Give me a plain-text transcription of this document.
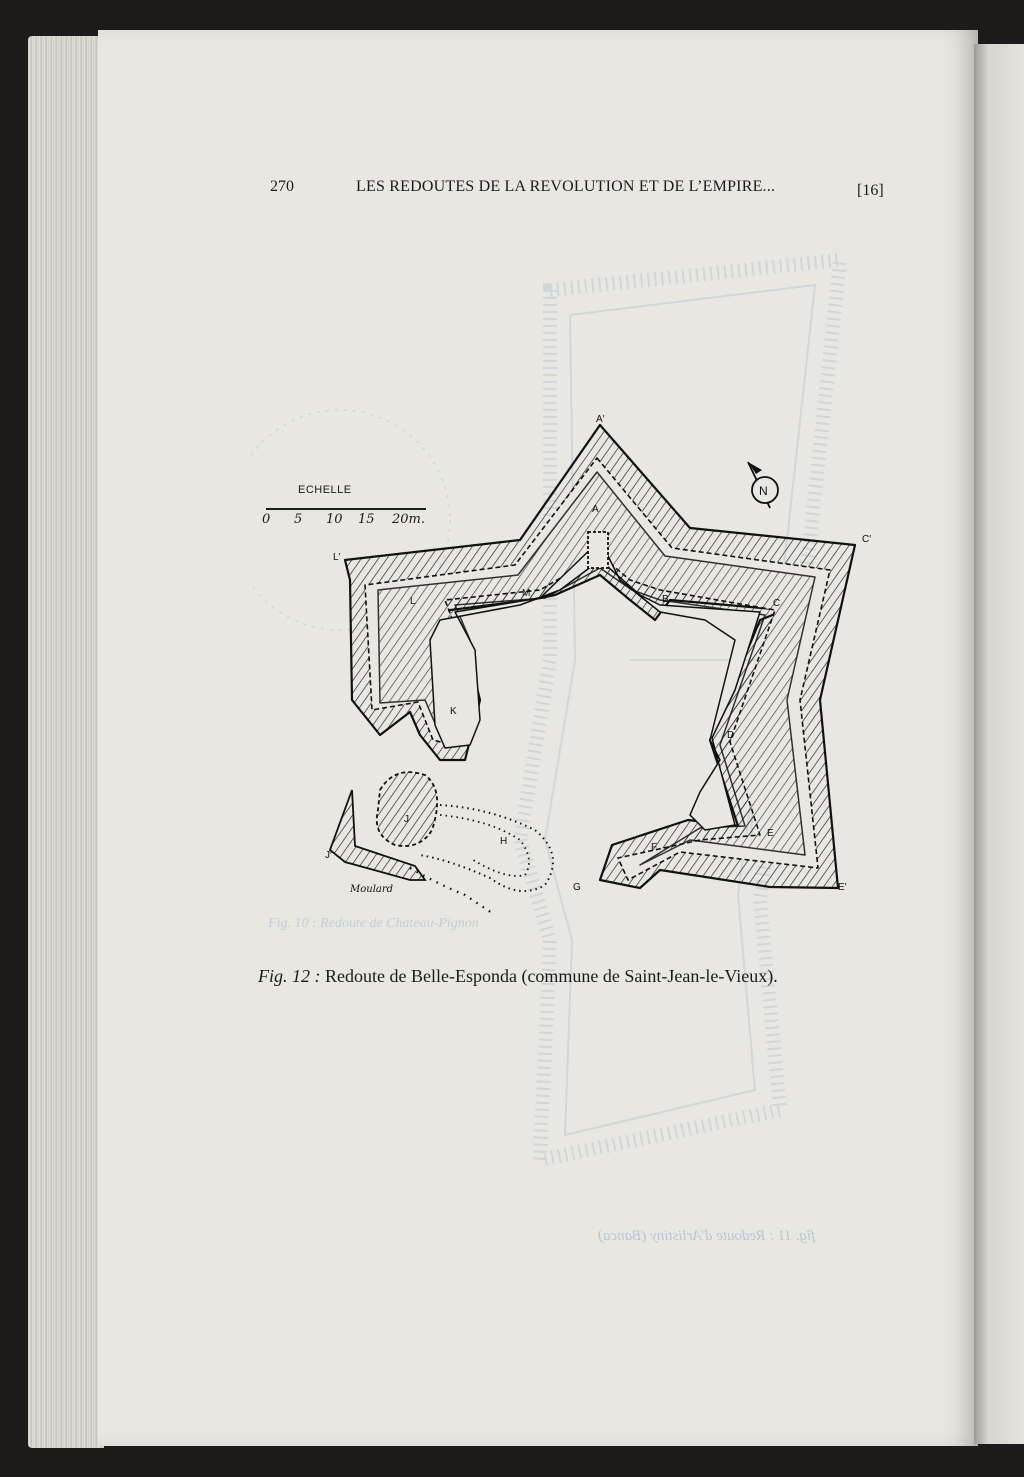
fig. 11 : Redoute d'Arlistiny (Banca)
Fig. 10 : Redoute de Chateau-Pignon
270	LES REDOUTES DE LA REVOLUTION ET DE L’EMPIRE...	[16]
ECHELLE
0 5 10 15 20m.
N
A′
A
B	C
C′
D
E
E′
F
G
H
J
J′
K
L
L′
M
Moulard
Fig. 12 : Redoute de Belle-Esponda (commune de Saint-Jean-le-Vieux).
